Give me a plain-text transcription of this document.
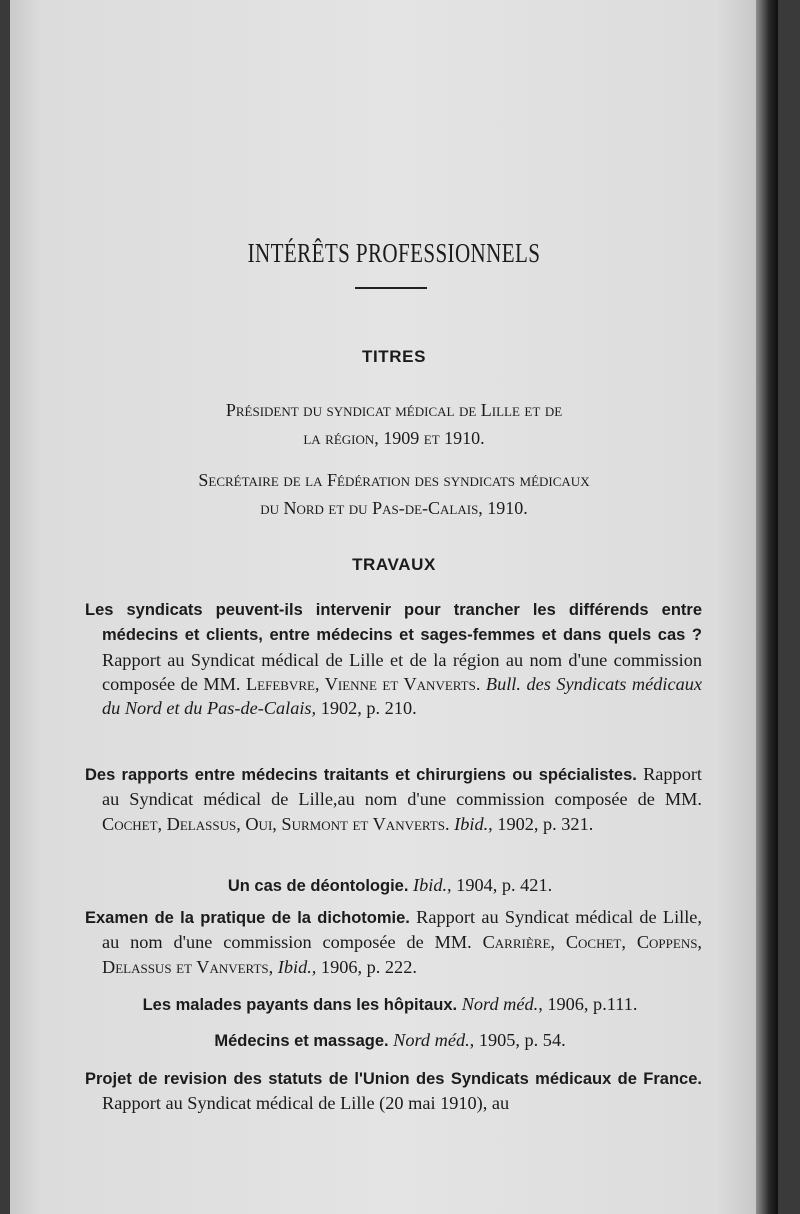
INTÉRÊTS PROFESSIONNELS
TITRES
Président du syndicat médical de Lille et de
la région, 1909 et 1910.
Secrétaire de la Fédération des syndicats médicaux
du Nord et du Pas-de-Calais, 1910.
TRAVAUX
Les syndicats peuvent-ils intervenir pour trancher les différends entre médecins et clients, entre médecins et sages-femmes et dans quels cas ? Rapport au Syndicat médical de Lille et de la région au nom d'une commission composée de MM. Lefebvre, Vienne et Vanverts. Bull. des Syndicats médicaux du Nord et du Pas-de-Calais, 1902, p. 210.
Des rapports entre médecins traitants et chirurgiens ou spécialistes. Rapport au Syndicat médical de Lille,au nom d'une commission composée de MM. Cochet, Delassus, Oui, Surmont et Vanverts. Ibid., 1902, p. 321.
Un cas de déontologie. Ibid., 1904, p. 421.
Examen de la pratique de la dichotomie. Rapport au Syndicat médical de Lille, au nom d'une commission composée de MM. Carrière, Cochet, Coppens, Delassus et Vanverts, Ibid., 1906, p. 222.
Les malades payants dans les hôpitaux. Nord méd., 1906, p.111.
Médecins et massage. Nord méd., 1905, p. 54.
Projet de revision des statuts de l'Union des Syndicats médicaux de France. Rapport au Syndicat médical de Lille (20 mai 1910), au
